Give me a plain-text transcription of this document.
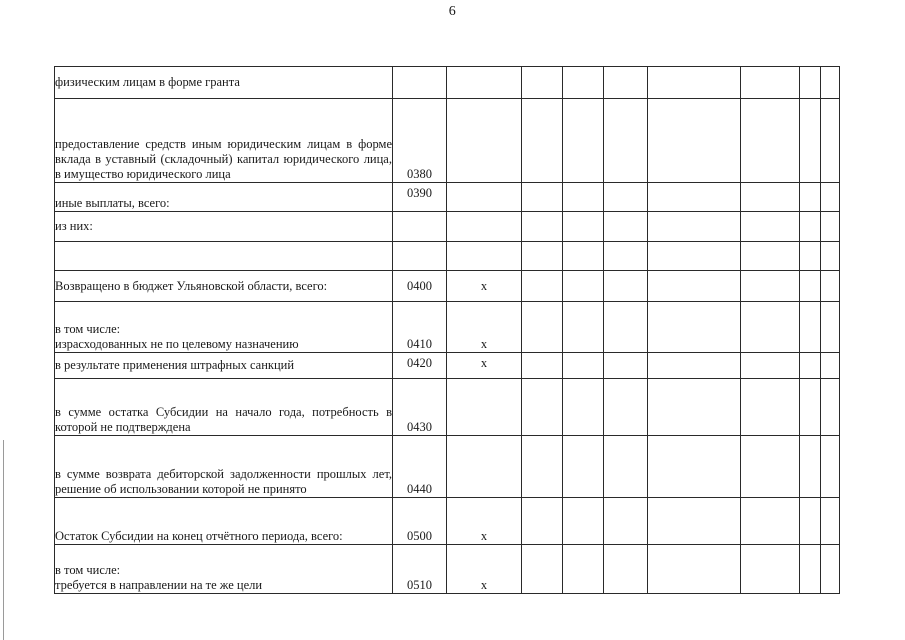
6
физическим лицам в форме гранта									

предоставление средств иным юридическим лицам в форме вклада в уставный (складочный) капитал юридического лица, в имущество юридического лица	0380								

иные выплаты, всего:	0390								

из них:									

Возвращено в бюджет Ульяновской области, всего:	0400	х							

в том числе:
израсходованных не по целевому назначению	0410	х							

в результате применения штрафных санкций	0420	х							

в сумме остатка Субсидии на начало года, потребность в которой не подтверждена	0430								

в сумме возврата дебиторской задолженности прошлых лет, решение об использовании которой не принято	0440								

Остаток Субсидии на конец отчётного периода, всего:	0500	х							

в том числе:
требуется в направлении на те же цели	0510	х							
